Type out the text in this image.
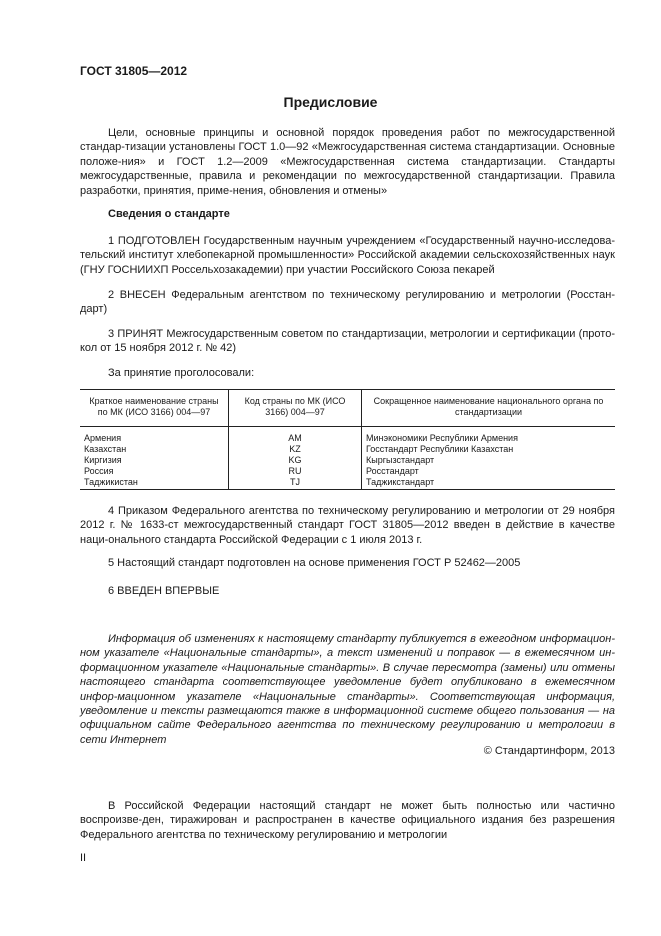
ГОСТ 31805—2012
Предисловие
Цели, основные принципы и основной порядок проведения работ по межгосударственной стандар-тизации установлены ГОСТ 1.0—92 «Межгосударственная система стандартизации. Основные положе-ния» и ГОСТ 1.2—2009 «Межгосударственная система стандартизации. Стандарты межгосударственные, правила и рекомендации по межгосударственной стандартизации. Правила разработки, принятия, приме-нения, обновления и отмены»
Сведения о стандарте
1 ПОДГОТОВЛЕН Государственным научным учреждением «Государственный научно-исследова-тельский институт хлебопекарной промышленности» Российской академии сельскохозяйственных наук (ГНУ ГОСНИИХП Россельхозакадемии) при участии Российского Союза пекарей
2 ВНЕСЕН Федеральным агентством по техническому регулированию и метрологии (Росстан-дарт)
3 ПРИНЯТ Межгосударственным советом по стандартизации, метрологии и сертификации (прото-кол от 15 ноября 2012 г. № 42)
За принятие проголосовали:
Краткое наименование страны по МК (ИСО 3166) 004—97	Код страны по МК (ИСО 3166) 004—97	Сокращенное наименование национального органа по стандартизации
Армения	AM	Минэкономики Республики Армения
Казахстан	KZ	Госстандарт Республики Казахстан
Киргизия	KG	Кыргызстандарт
Россия	RU	Росстандарт
Таджикистан	TJ	Таджикстандарт
4 Приказом Федерального агентства по техническому регулированию и метрологии от 29 ноября 2012 г. № 1633-ст межгосударственный стандарт ГОСТ 31805—2012 введен в действие в качестве наци-онального стандарта Российской Федерации с 1 июля 2013 г.
5 Настоящий стандарт подготовлен на основе применения ГОСТ Р 52462—2005
6 ВВЕДЕН ВПЕРВЫЕ
Информация об изменениях к настоящему стандарту публикуется в ежегодном информацион-ном указателе «Национальные стандарты», а текст изменений и поправок — в ежемесячном ин-формационном указателе «Национальные стандарты». В случае пересмотра (замены) или отмены настоящего стандарта соответствующее уведомление будет опубликовано в ежемесячном инфор-мационном указателе «Национальные стандарты». Соответствующая информация, уведомление и тексты размещаются также в информационной системе общего пользования — на официальном сайте Федерального агентства по техническому регулированию и метрологии в сети Интернет
© Стандартинформ, 2013
В Российской Федерации настоящий стандарт не может быть полностью или частично воспроизве-ден, тиражирован и распространен в качестве официального издания без разрешения Федерального агентства по техническому регулированию и метрологии
II
